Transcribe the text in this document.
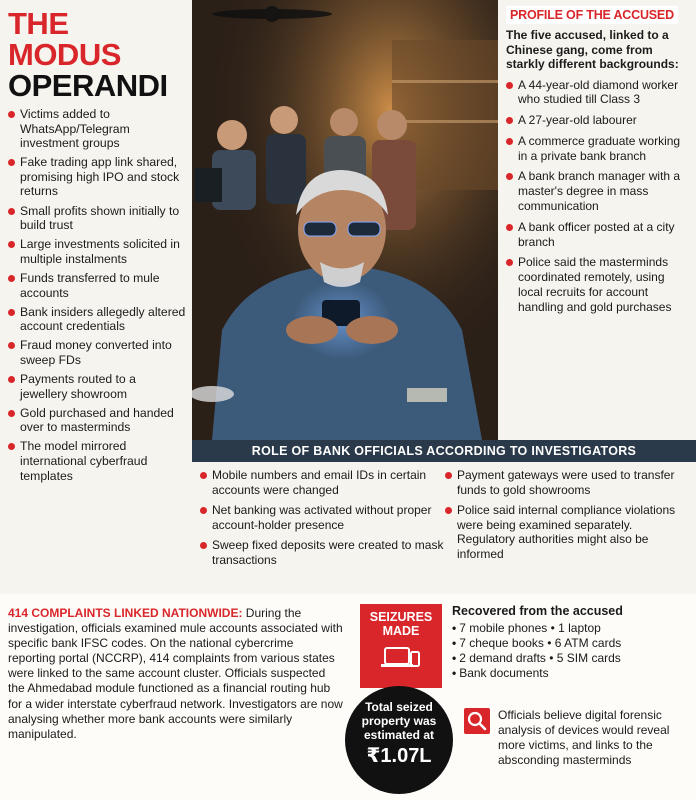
THE MODUS
OPERANDI
Victims added to WhatsApp/Telegram investment groups
Fake trading app link shared, promising high IPO and stock returns
Small profits shown initially to build trust
Large investments solicited in multiple instalments
Funds transferred to mule accounts
Bank insiders allegedly altered account credentials
Fraud money converted into sweep FDs
Payments routed to a jewellery showroom
Gold purchased and handed over to masterminds
The model mirrored international cyberfraud templates
PROFILE OF THE ACCUSED

The five accused, linked to a Chinese gang, come from starkly different backgrounds:

A 44-year-old diamond worker who studied till Class 3
A 27-year-old labourer
A commerce graduate working in a private bank branch
A bank branch manager with a master's degree in mass communication
A bank officer posted at a city branch
Police said the masterminds coordinated remotely, using local recruits for account handling and gold purchases
ROLE OF BANK OFFICIALS ACCORDING TO INVESTIGATORS
Mobile numbers and email IDs in certain accounts were changed
Net banking was activated without proper account-holder presence
Sweep fixed deposits were created to mask transactions
Payment gateways were used to transfer funds to gold showrooms
Police said internal compliance violations were being examined separately. Regulatory authorities might also be informed

414 COMPLAINTS LINKED NATIONWIDE: During the investigation, officials examined mule accounts associated with specific bank IFSC codes. On the national cybercrime reporting portal (NCCRP), 414 complaints from various states were linked to the same account cluster. Officials suspected the Ahmedabad module functioned as a financial routing hub for a wider interstate cyberfraud network. Investigators are now analysing whether more bank accounts were similarly manipulated.

SEIZURES
MADE
Total seized property was estimated at
₹1.07L
Recovered from the accused
• 7 mobile phones • 1 laptop
• 7 cheque books • 6 ATM cards
• 2 demand drafts • 5 SIM cards
• Bank documents
Officials believe digital forensic analysis of devices would reveal more victims, and links to the absconding masterminds
